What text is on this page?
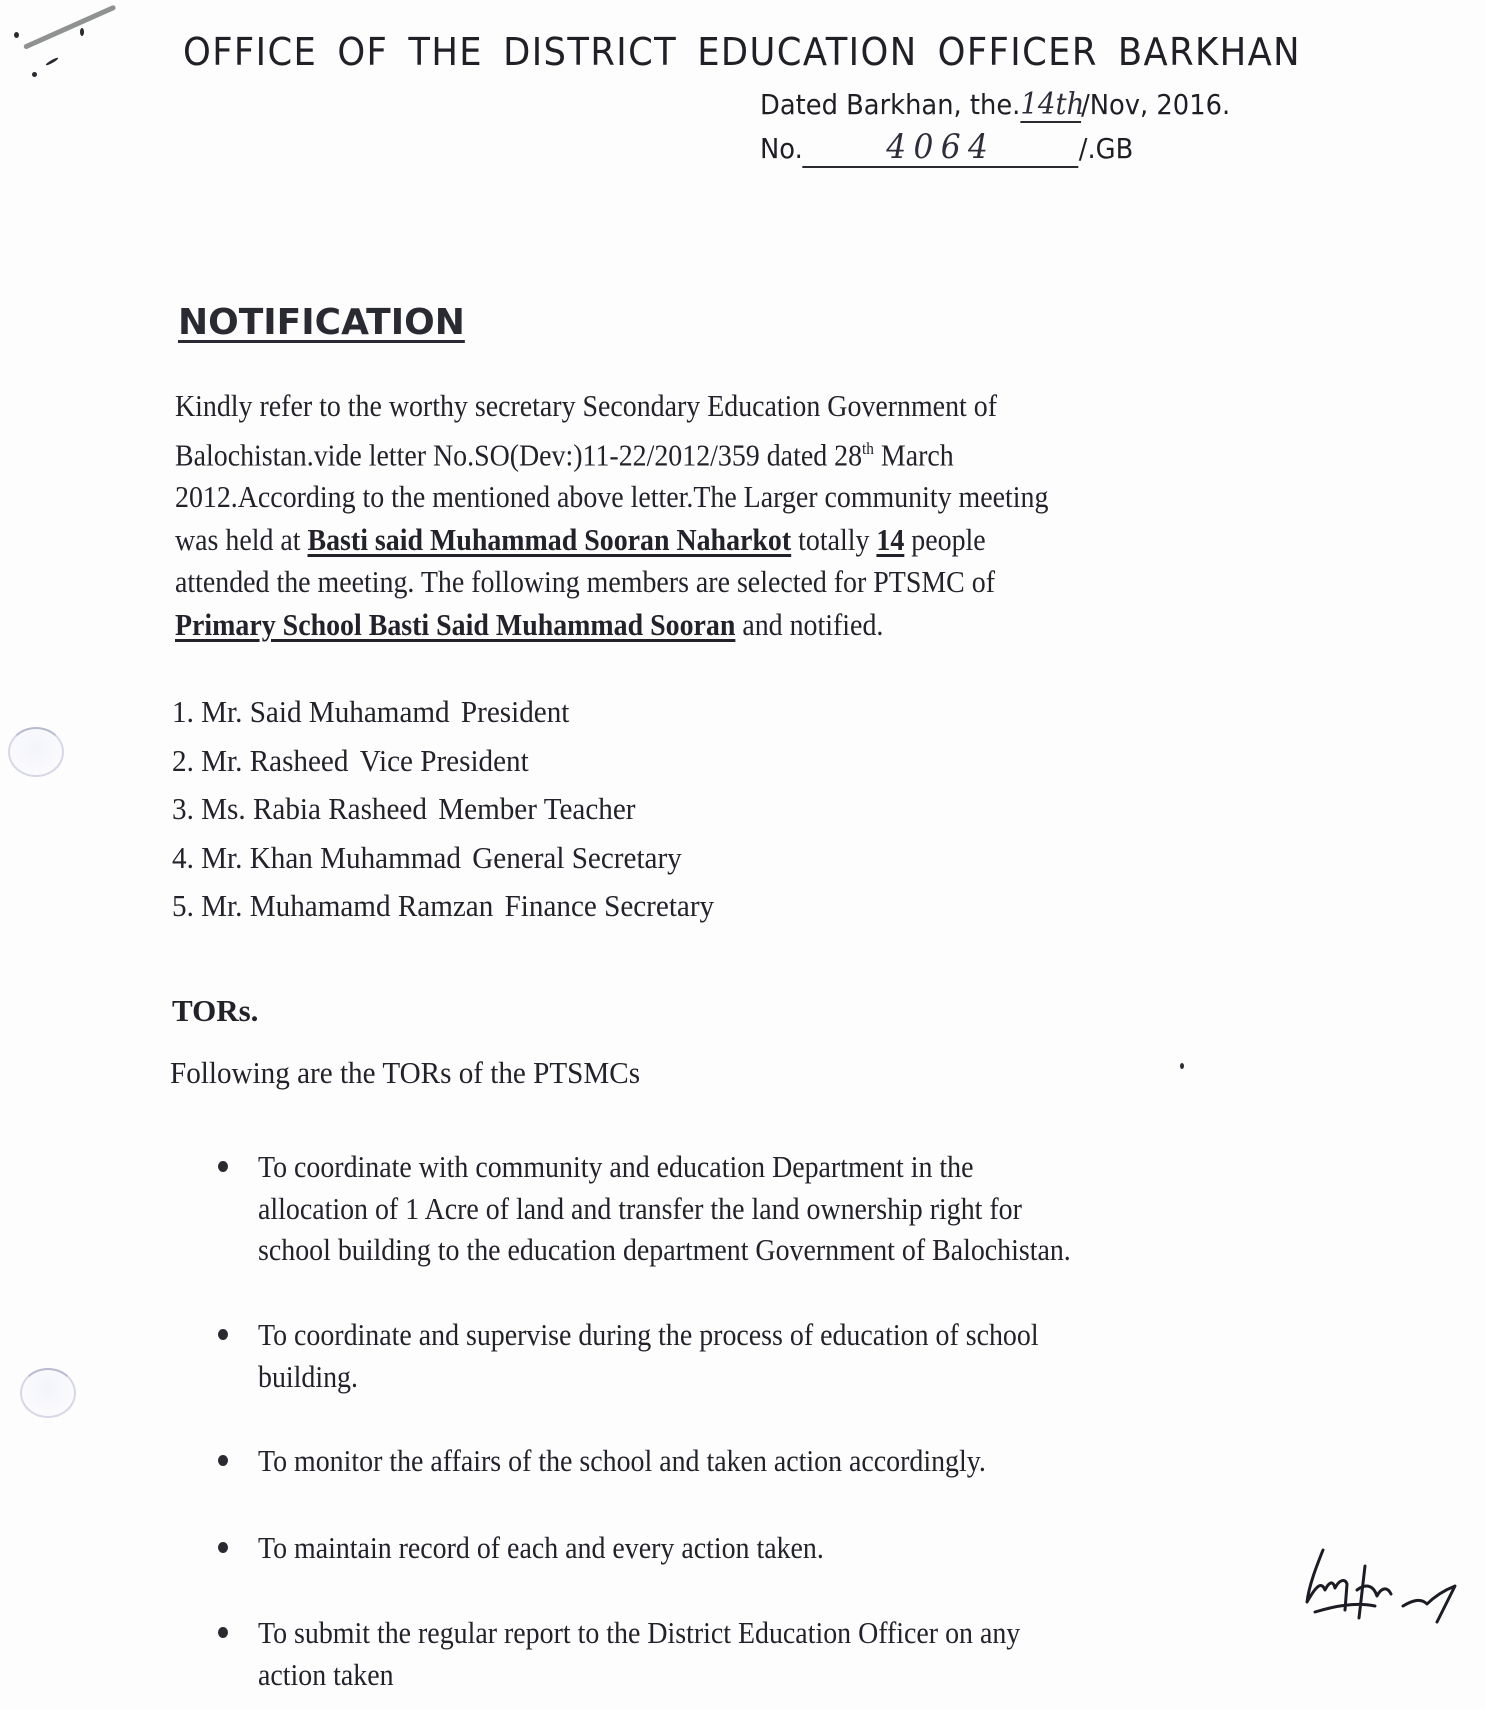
OFFICE OF THE DISTRICT EDUCATION OFFICER BARKHAN
Dated Barkhan, the.14th/Nov, 2016.
No. 4064	/.GB
NOTIFICATION
Kindly refer to the worthy secretary Secondary Education Government of
Balochistan.vide letter No.SO(Dev:)11-22/2012/359 dated 28th March
2012.According to the mentioned above letter.The Larger community meeting
was held at Basti said Muhammad Sooran Naharkot totally 14 people
attended the meeting. The following members are selected for PTSMC of
Primary School Basti Said Muhammad Sooran and notified.
1. Mr. Said Muhamamd President
2. Mr. Rasheed Vice President
3. Ms. Rabia Rasheed Member Teacher
4. Mr. Khan Muhammad General Secretary
5. Mr. Muhamamd Ramzan Finance Secretary
TORs.
Following are the TORs of the PTSMCs
To coordinate with community and education Department in the
allocation of 1 Acre of land and transfer the land ownership right for
school building to the education department Government of Balochistan.
To coordinate and supervise during the process of education of school
building.
To monitor the affairs of the school and taken action accordingly.
To maintain record of each and every action taken.
To submit the regular report to the District Education Officer on any
action taken
